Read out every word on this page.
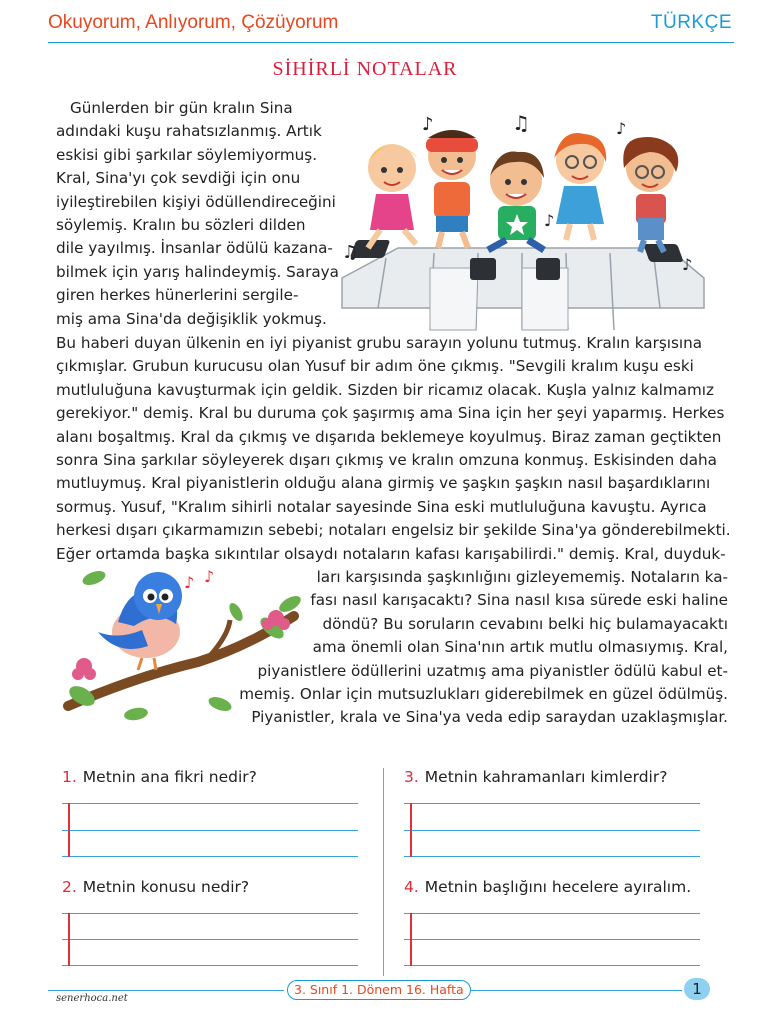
Okuyorum, Anlıyorum, Çözüyorum	TÜRKÇE
SİHİRLİ NOTALAR
Günlerden bir gün kralın Sina
adındaki kuşu rahatsızlanmış. Artık
eskisi gibi şarkılar söylemiyormuş.
Kral, Sina'yı çok sevdiği için onu
iyileştirebilen kişiyi ödüllendireceğini
söylemiş. Kralın bu sözleri dilden
dile yayılmış. İnsanlar ödülü kazana-
bilmek için yarış halindeymiş. Saraya
giren herkes hünerlerini sergile-
miş ama Sina'da değişiklik yokmuş.
♪	♫	♪
♫
♪
♪
Bu haberi duyan ülkenin en iyi piyanist grubu sarayın yolunu tutmuş. Kralın karşısına
çıkmışlar. Grubun kurucusu olan Yusuf bir adım öne çıkmış. "Sevgili kralım kuşu eski
mutluluğuna kavuşturmak için geldik. Sizden bir ricamız olacak. Kuşla yalnız kalmamız
gerekiyor." demiş. Kral bu duruma çok şaşırmış ama Sina için her şeyi yaparmış. Herkes
alanı boşaltmış. Kral da çıkmış ve dışarıda beklemeye koyulmuş. Biraz zaman geçtikten
sonra Sina şarkılar söyleyerek dışarı çıkmış ve kralın omzuna konmuş. Eskisinden daha
mutluymuş. Kral piyanistlerin olduğu alana girmiş ve şaşkın şaşkın nasıl başardıklarını
sormuş. Yusuf, "Kralım sihirli notalar sayesinde Sina eski mutluluğuna kavuştu. Ayrıca
herkesi dışarı çıkarmamızın sebebi; notaları engelsiz bir şekilde Sina'ya gönderebilmekti.
Eğer ortamda başka sıkıntılar olsaydı notaların kafası karışabilirdi." demiş. Kral, duyduk-
♪ ♪	ları karşısında şaşkınlığını gizleyememiş. Notaların ka-
fası nasıl karışacaktı? Sina nasıl kısa sürede eski haline
döndü? Bu soruların cevabını belki hiç bulamayacaktı
ama önemli olan Sina'nın artık mutlu olmasıymış. Kral,
piyanistlere ödüllerini uzatmış ama piyanistler ödülü kabul et-
memiş. Onlar için mutsuzlukları giderebilmek en güzel ödülmüş.
Piyanistler, krala ve Sina'ya veda edip saraydan uzaklaşmışlar.
1. Metnin ana fikri nedir?	3. Metnin kahramanları kimlerdir?
2. Metnin konusu nedir?	4. Metnin başlığını hecelere ayıralım.
3. Sınıf 1. Dönem 16. Hafta	1
senerhoca.net
